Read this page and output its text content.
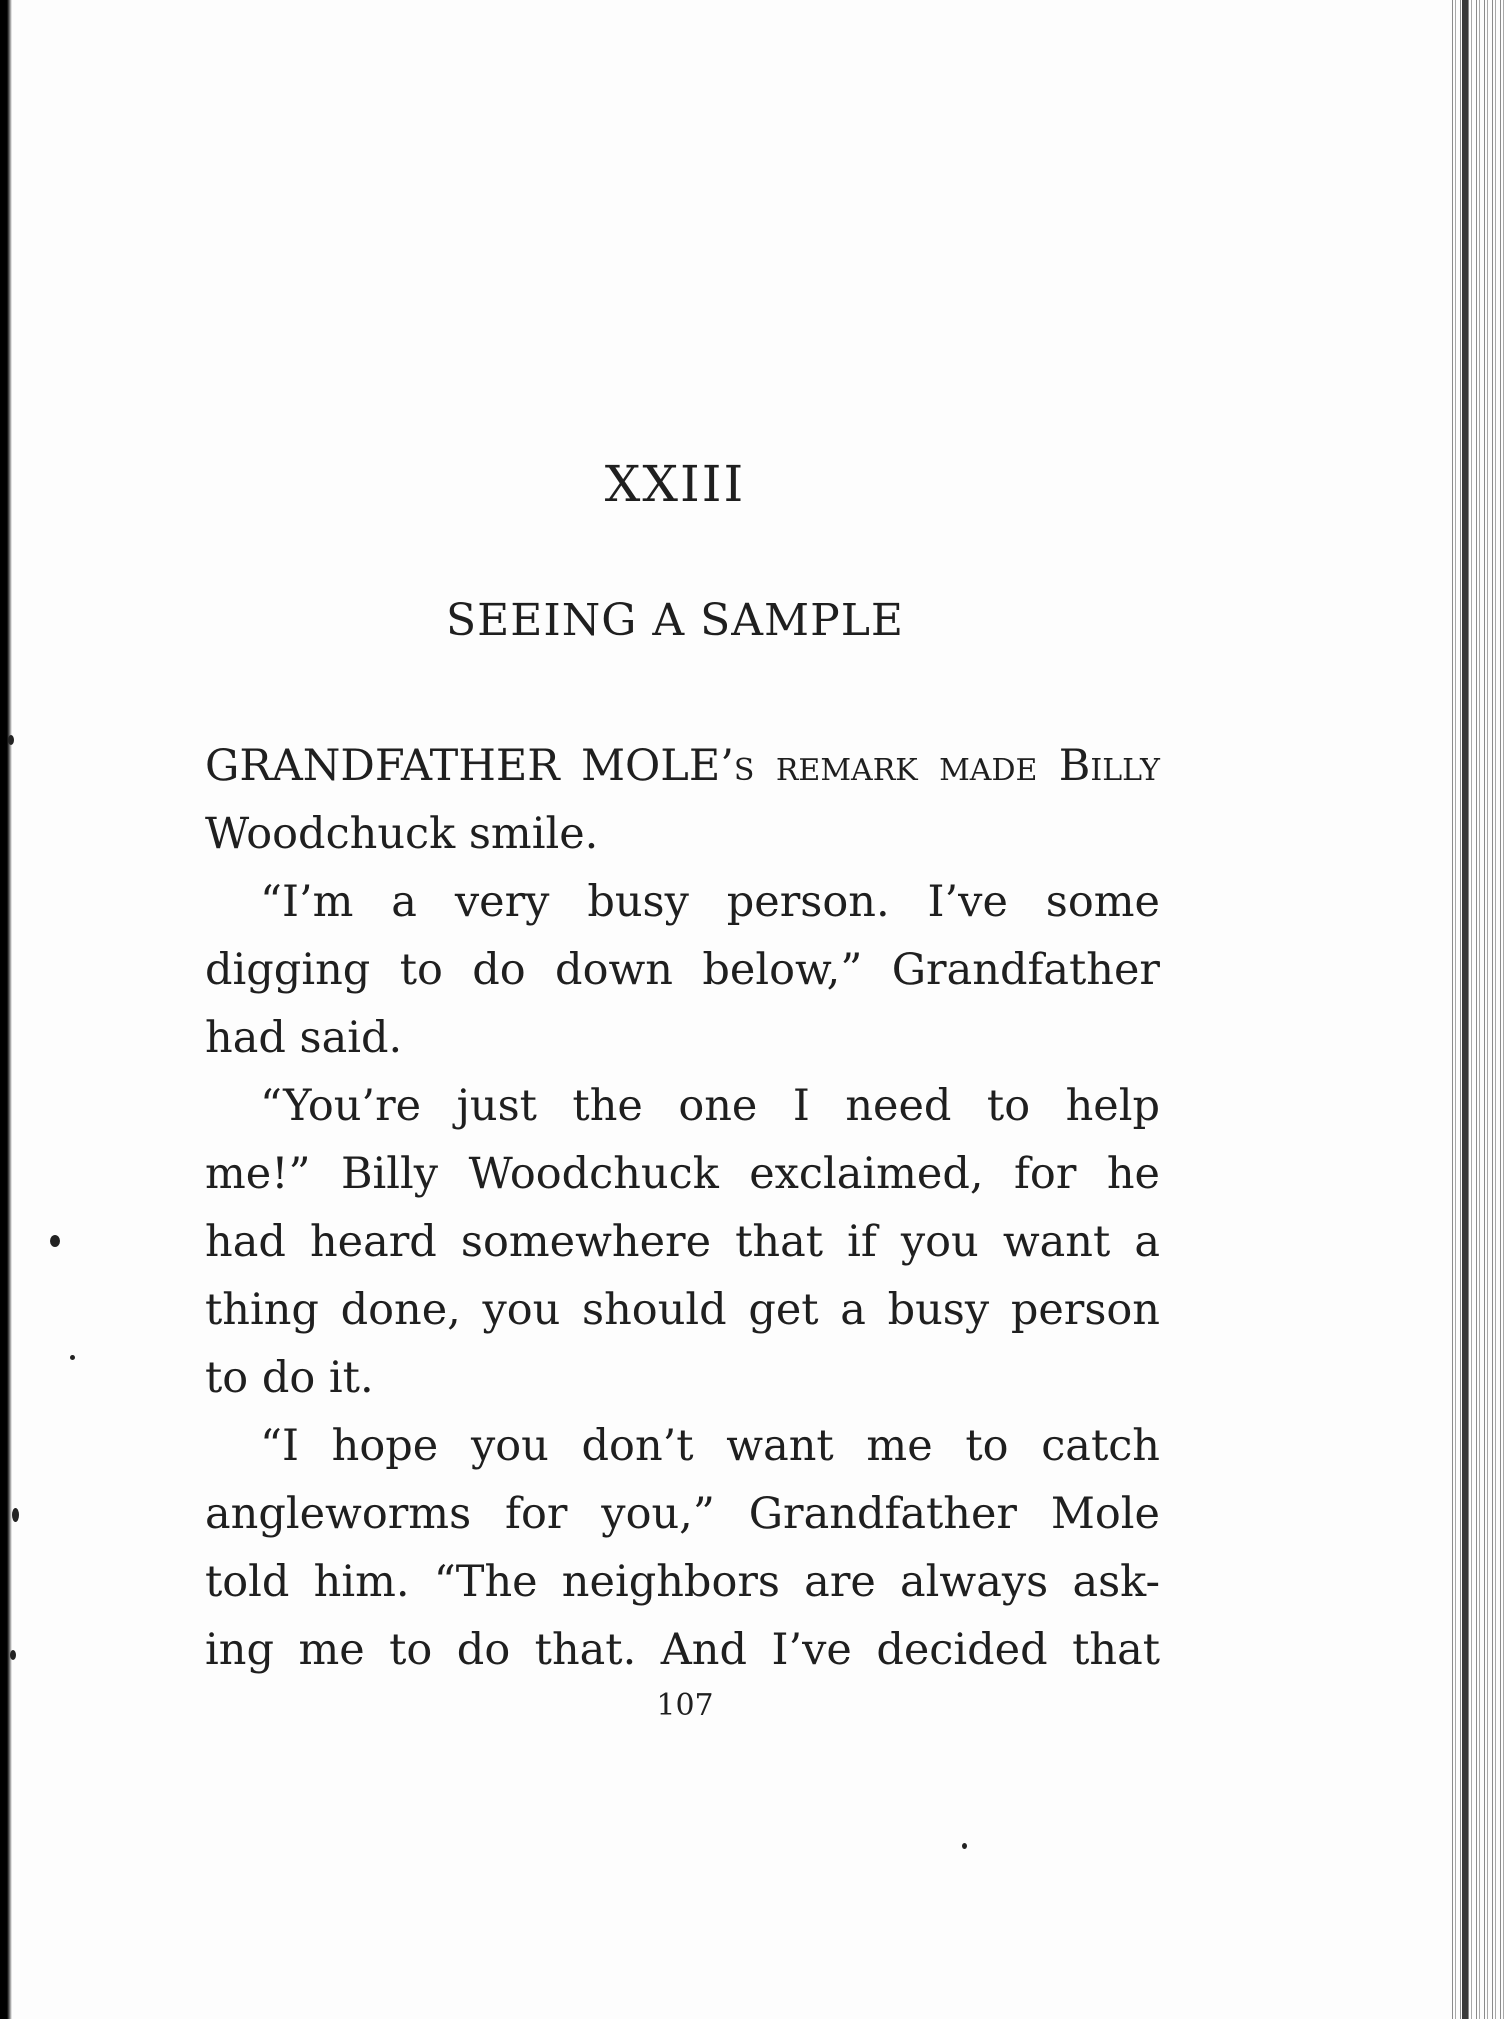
XXIII
SEEING A SAMPLE

GRANDFATHER MOLE’s remark made Billy
Woodchuck smile.

“I’m a very busy person. I’ve some
digging to do down below,” Grandfather
had said.

“You’re just the one I need to help
me!” Billy Woodchuck exclaimed, for he
had heard somewhere that if you want a
thing done, you should get a busy person
to do it.

“I hope you don’t want me to catch
angleworms for you,” Grandfather Mole
told him. “The neighbors are always ask-
ing me to do that. And I’ve decided that

107
